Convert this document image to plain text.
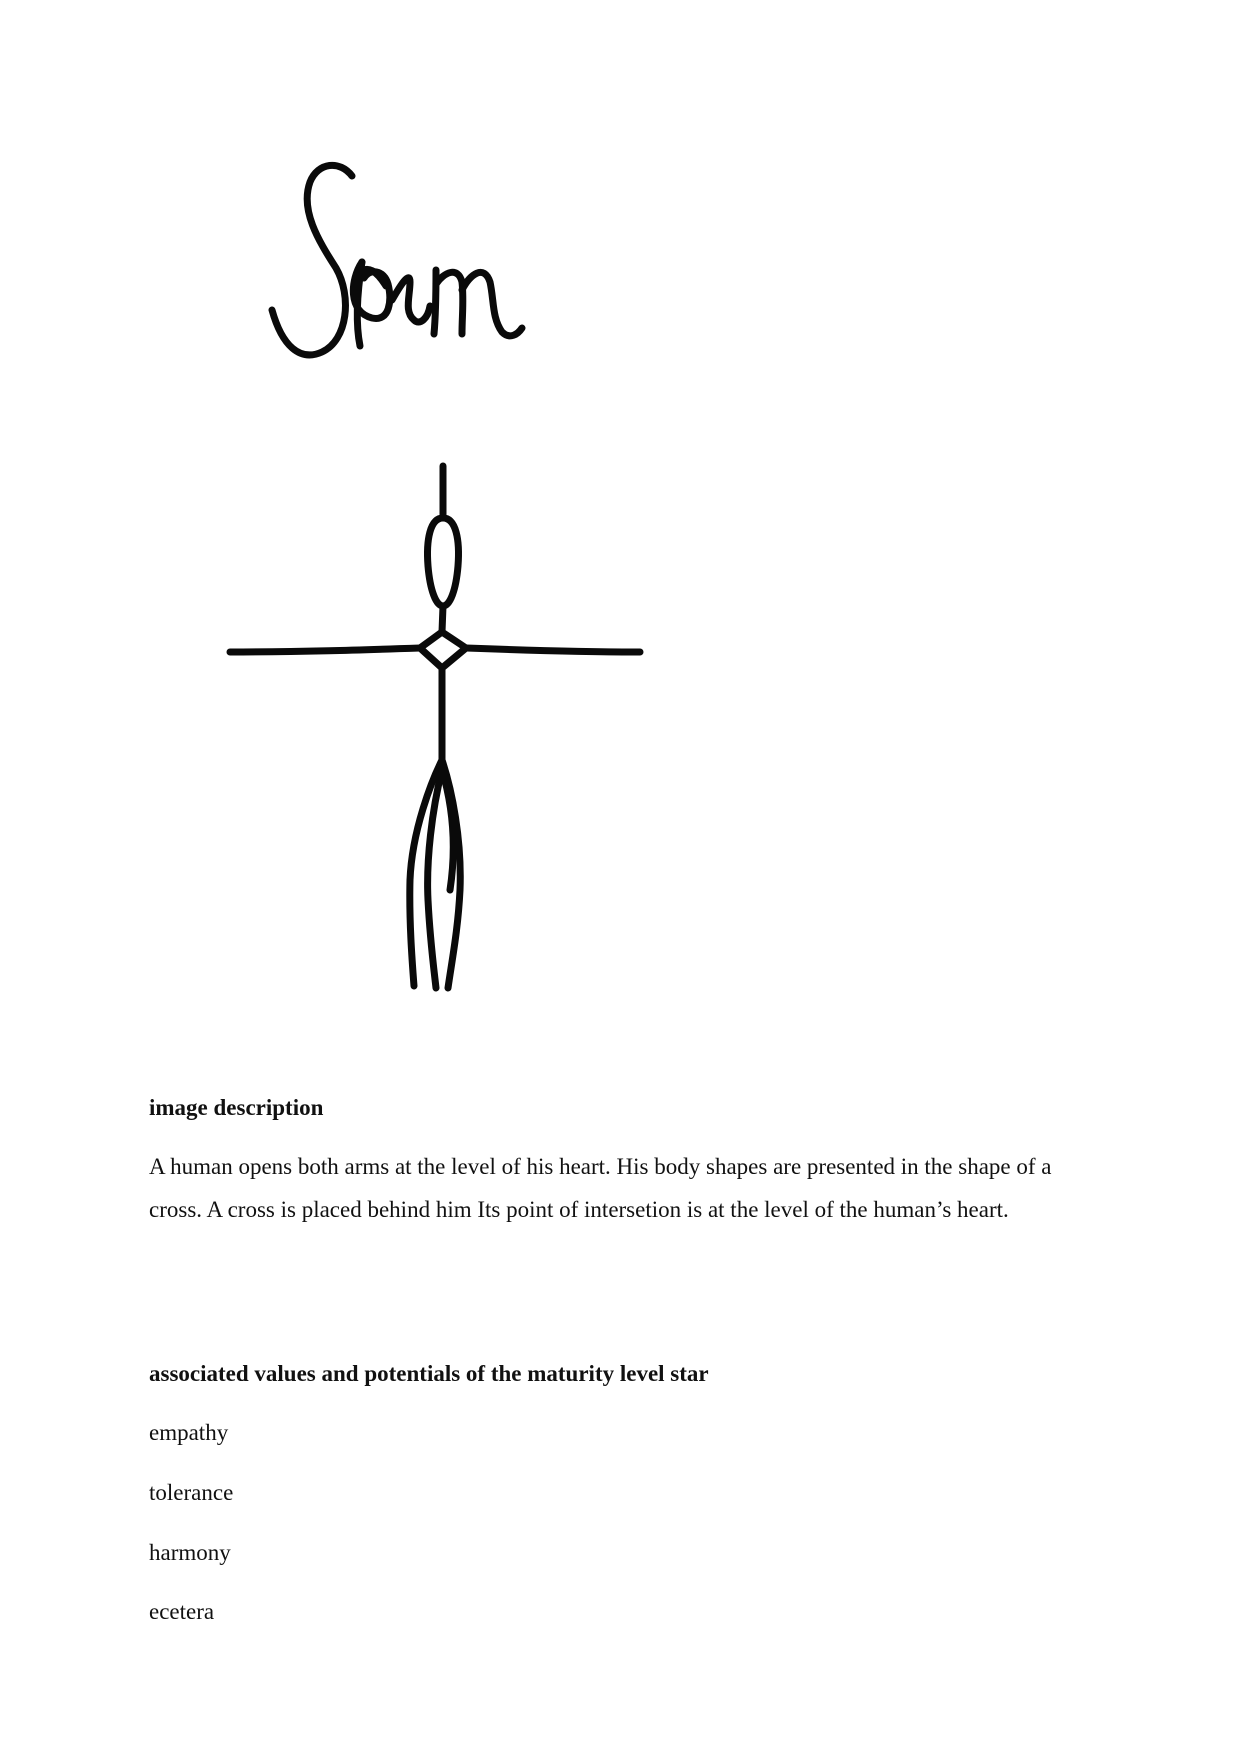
image description

A human opens both arms at the level of his heart. His body shapes are presented in the shape of a cross. A cross is placed behind him Its point of intersetion is at the level of the human’s heart.

associated values and potentials of the maturity level star

empathy

tolerance

harmony

ecetera
